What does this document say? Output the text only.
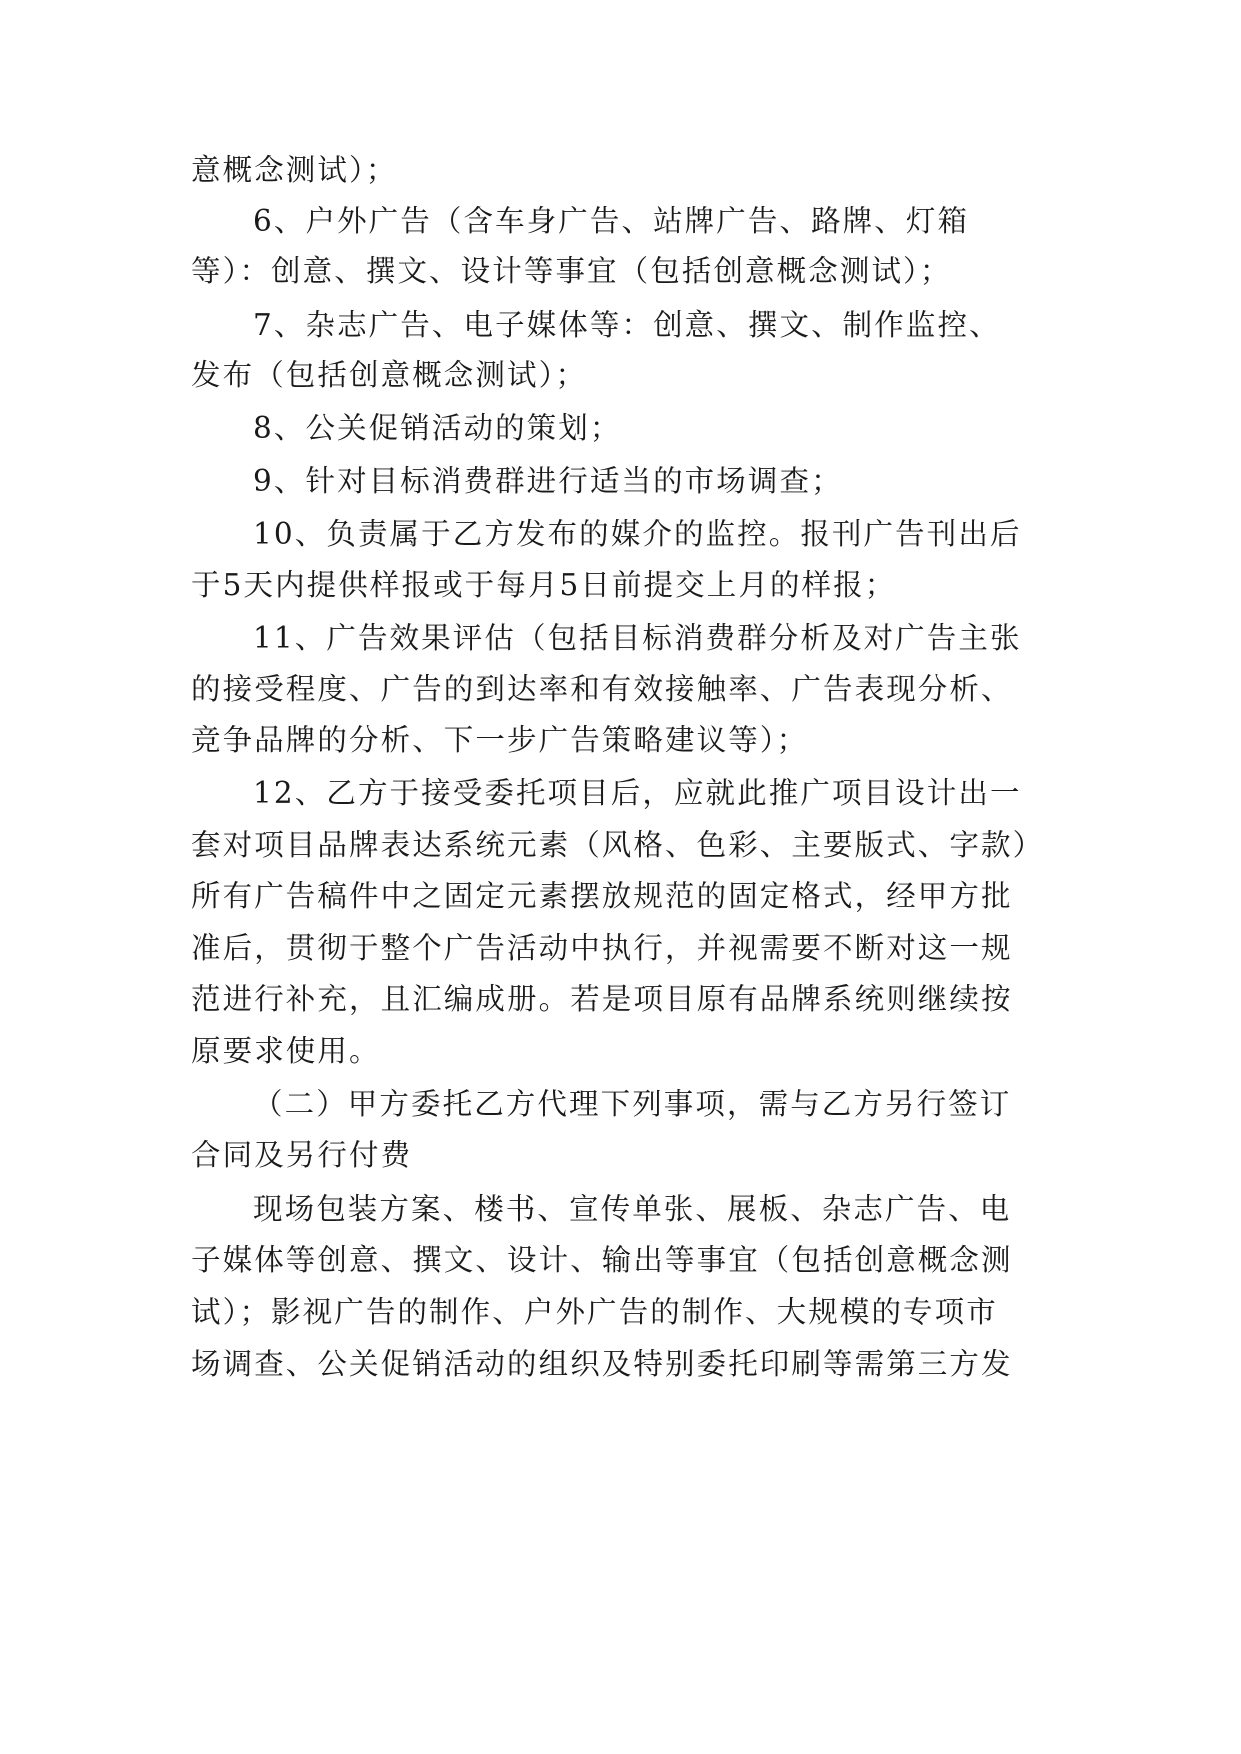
意概念测试）；
6、户外广告（含车身广告、站牌广告、路牌、灯箱
等）：创意、撰文、设计等事宜（包括创意概念测试）；
7、杂志广告、电子媒体等：创意、撰文、制作监控、
发布（包括创意概念测试）；
8、公关促销活动的策划；
9、针对目标消费群进行适当的市场调查；
10、负责属于乙方发布的媒介的监控。报刊广告刊出后
于5天内提供样报或于每月5日前提交上月的样报；
11、广告效果评估（包括目标消费群分析及对广告主张
的接受程度、广告的到达率和有效接触率、广告表现分析、
竞争品牌的分析、下一步广告策略建议等）；
12、乙方于接受委托项目后，应就此推广项目设计出一
套对项目品牌表达系统元素（风格、色彩、主要版式、字款）
所有广告稿件中之固定元素摆放规范的固定格式，经甲方批
准后，贯彻于整个广告活动中执行，并视需要不断对这一规
范进行补充，且汇编成册。若是项目原有品牌系统则继续按
原要求使用。
（二）甲方委托乙方代理下列事项，需与乙方另行签订
合同及另行付费
现场包装方案、楼书、宣传单张、展板、杂志广告、电
子媒体等创意、撰文、设计、输出等事宜（包括创意概念测
试）；影视广告的制作、户外广告的制作、大规模的专项市
场调查、公关促销活动的组织及特别委托印刷等需第三方发
